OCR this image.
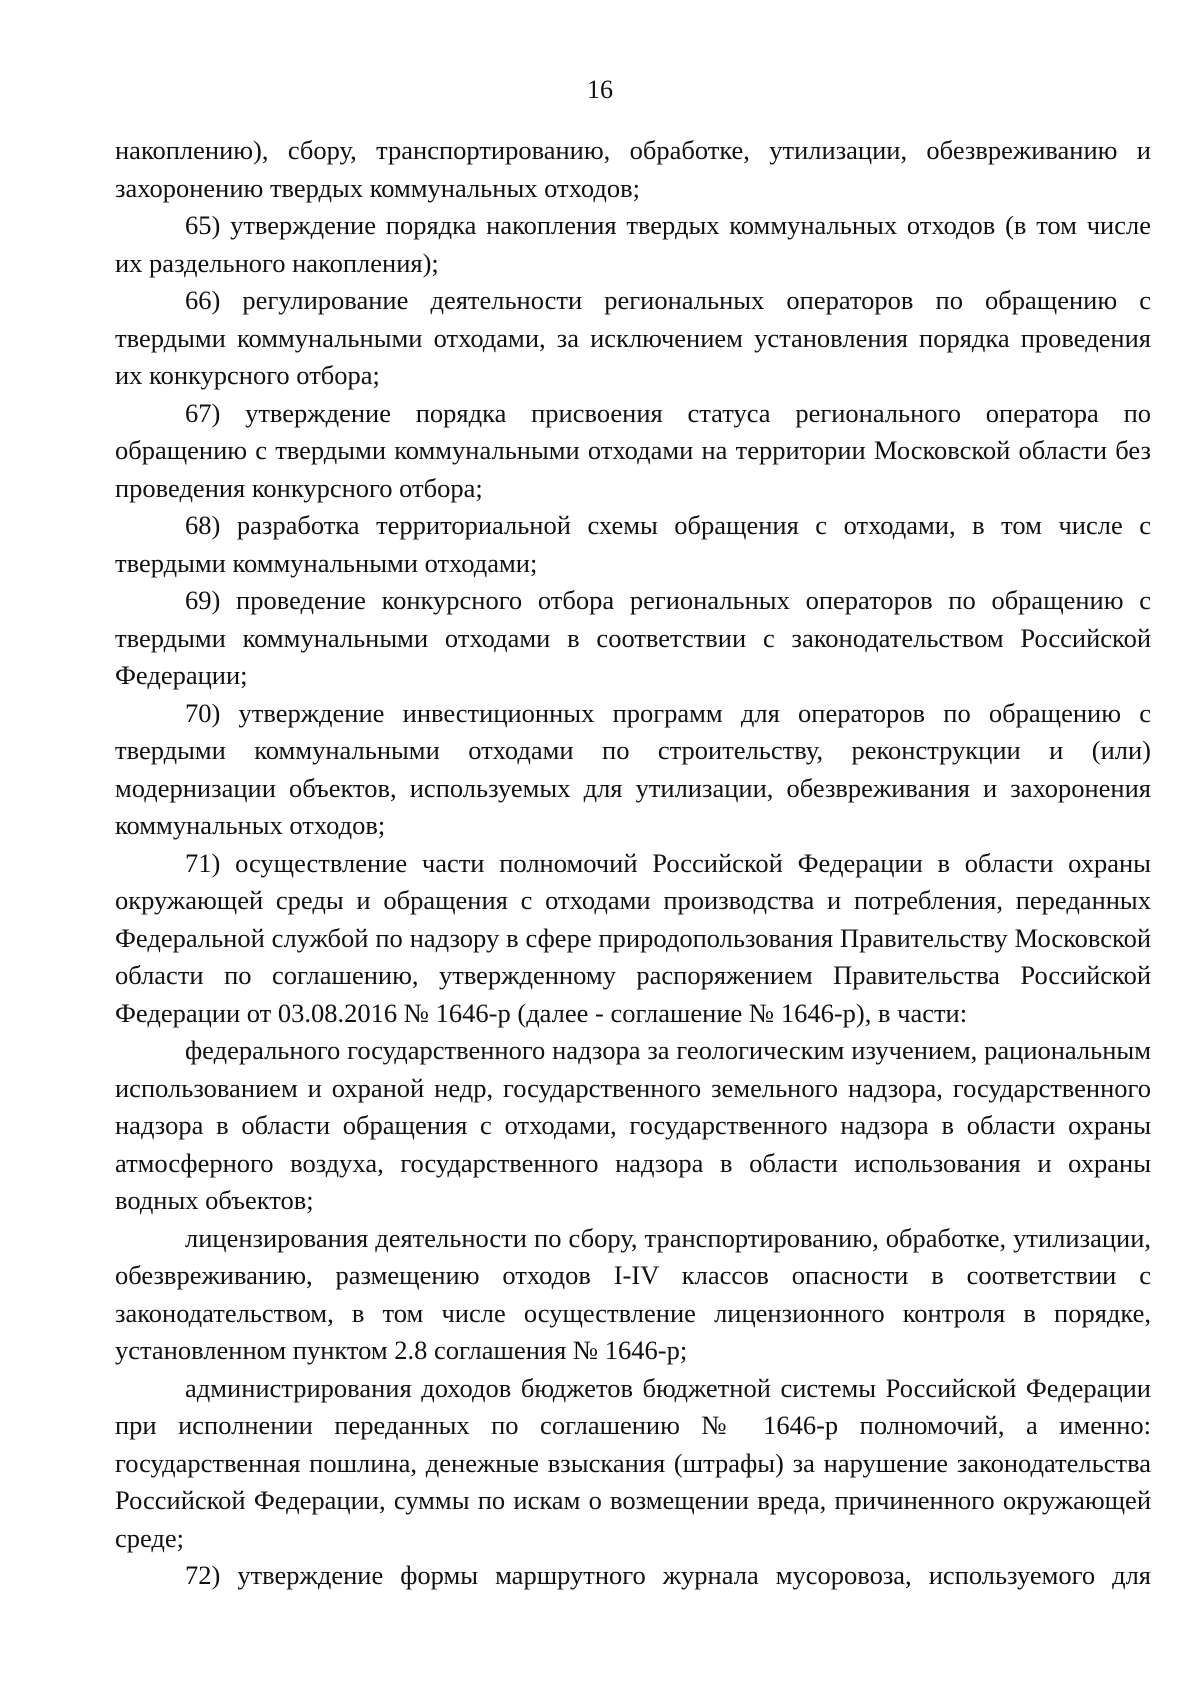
16

накоплению), сбору, транспортированию, обработке, утилизации, обезвреживанию и захоронению твердых коммунальных отходов;

65) утверждение порядка накопления твердых коммунальных отходов (в том числе их раздельного накопления);

66) регулирование деятельности региональных операторов по обращению с твердыми коммунальными отходами, за исключением установления порядка проведения их конкурсного отбора;

67) утверждение порядка присвоения статуса регионального оператора по обращению с твердыми коммунальными отходами на территории Московской области без проведения конкурсного отбора;

68) разработка территориальной схемы обращения с отходами, в том числе с твердыми коммунальными отходами;

69) проведение конкурсного отбора региональных операторов по обращению с твердыми коммунальными отходами в соответствии с законодательством Российской Федерации;

70) утверждение инвестиционных программ для операторов по обращению с твердыми коммунальными отходами по строительству, реконструкции и (или) модернизации объектов, используемых для утилизации, обезвреживания и захоронения коммунальных отходов;

71) осуществление части полномочий Российской Федерации в области охраны окружающей среды и обращения с отходами производства и потребления, переданных Федеральной службой по надзору в сфере природопользования Правительству Московской области по соглашению, утвержденному распоряжением Правительства Российской Федерации от 03.08.2016 № 1646-р (далее - соглашение № 1646-р), в части:

федерального государственного надзора за геологическим изучением, рациональным использованием и охраной недр, государственного земельного надзора, государственного надзора в области обращения с отходами, государственного надзора в области охраны атмосферного воздуха, государственного надзора в области использования и охраны водных объектов;

лицензирования деятельности по сбору, транспортированию, обработке, утилизации, обезвреживанию, размещению отходов I-IV классов опасности в соответствии с законодательством, в том числе осуществление лицензионного контроля в порядке, установленном пунктом 2.8 соглашения № 1646-р;

администрирования доходов бюджетов бюджетной системы Российской Федерации при исполнении переданных по соглашению № 1646-р полномочий, а именно: государственная пошлина, денежные взыскания (штрафы) за нарушение законодательства Российской Федерации, суммы по искам о возмещении вреда, причиненного окружающей среде;

72) утверждение формы маршрутного журнала мусоровоза, используемого для
